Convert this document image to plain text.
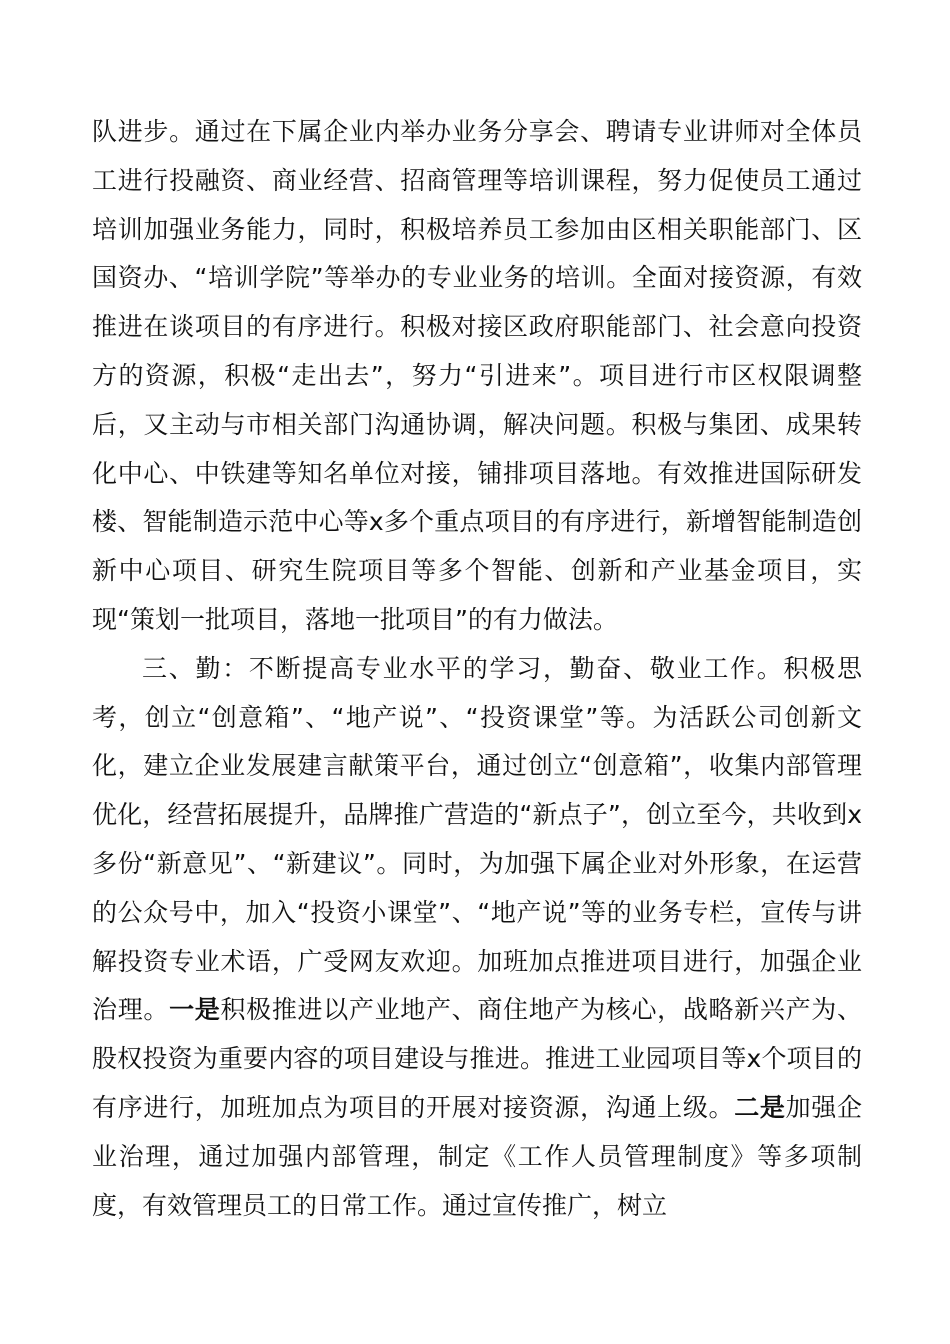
队进步。通过在下属企业内举办业务分享会、聘请专业讲师对全体员工进行投融资、商业经营、招商管理等培训课程，努力促使员工通过培训加强业务能力，同时，积极培养员工参加由区相关职能部门、区国资办、“培训学院”等举办的专业业务的培训。全面对接资源，有效推进在谈项目的有序进行。积极对接区政府职能部门、社会意向投资方的资源，积极“走出去”，努力“引进来”。项目进行市区权限调整后，又主动与市相关部门沟通协调，解决问题。积极与集团、成果转化中心、中铁建等知名单位对接，铺排项目落地。有效推进国际研发楼、智能制造示范中心等x多个重点项目的有序进行，新增智能制造创新中心项目、研究生院项目等多个智能、创新和产业基金项目，实现“策划一批项目，落地一批项目”的有力做法。

三、勤：不断提高专业水平的学习，勤奋、敬业工作。积极思考，创立“创意箱”、“地产说”、“投资课堂”等。为活跃公司创新文化，建立企业发展建言献策平台，通过创立“创意箱”，收集内部管理优化，经营拓展提升，品牌推广营造的“新点子”，创立至今，共收到x多份“新意见”、“新建议”。同时，为加强下属企业对外形象，在运营的公众号中，加入“投资小课堂”、“地产说”等的业务专栏，宣传与讲解投资专业术语，广受网友欢迎。加班加点推进项目进行，加强企业治理。一是积极推进以产业地产、商住地产为核心，战略新兴产为、股权投资为重要内容的项目建设与推进。推进工业园项目等x个项目的有序进行，加班加点为项目的开展对接资源，沟通上级。二是加强企业治理，通过加强内部管理，制定《工作人员管理制度》等多项制度，有效管理员工的日常工作。通过宣传推广，树立
